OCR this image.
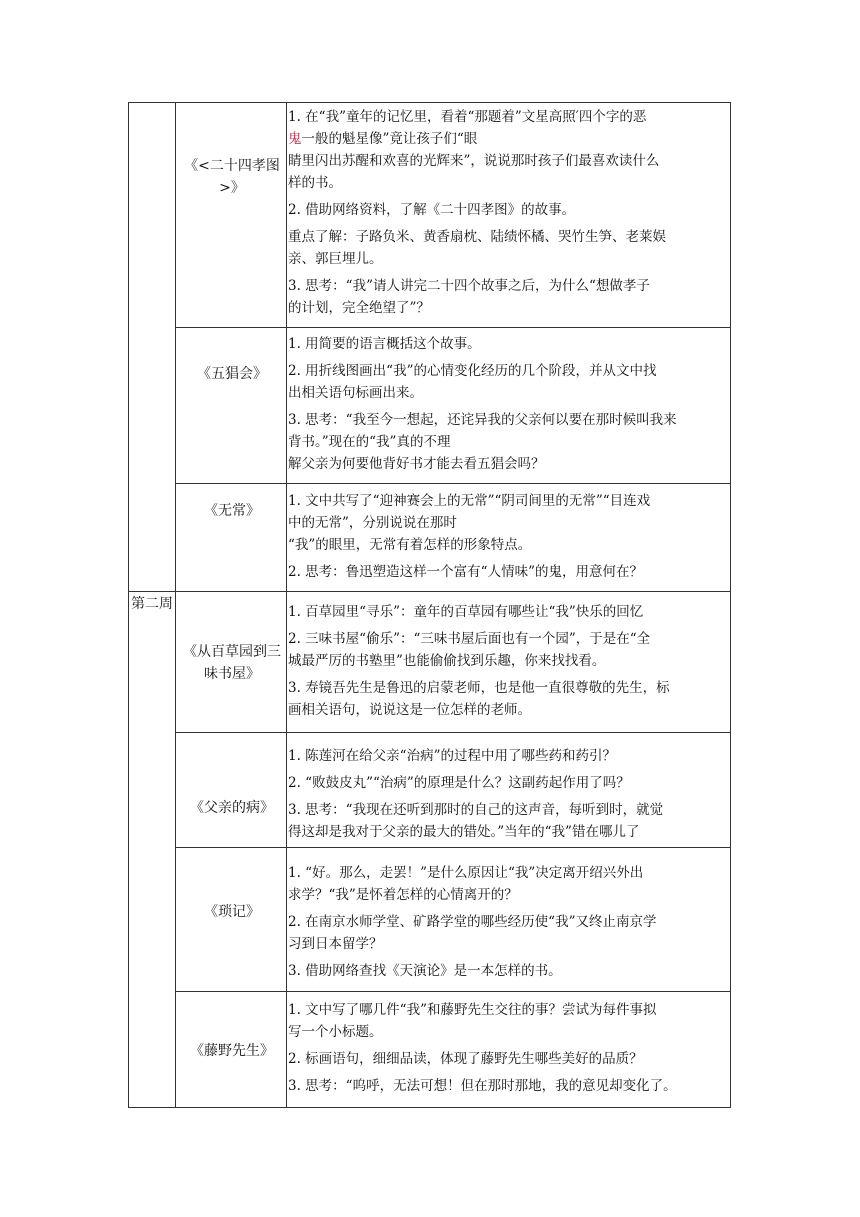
第二周
《<二十四孝图
>》
1. 在“我”童年的记忆里，看着“那题着”文星高照′四个字的恶
鬼一般的魁星像”竟让孩子们“眼
睛里闪出苏醒和欢喜的光辉来”，说说那时孩子们最喜欢读什么
样的书。
2. 借助网络资料，了解《二十四孝图》的故事。
重点了解：子路负米、黄香扇枕、陆绩怀橘、哭竹生笋、老莱娱
亲、郭巨埋儿。
3. 思考：“我”请人讲完二十四个故事之后，为什么“想做孝子
的计划，完全绝望了”？
《五猖会》
1. 用简要的语言概括这个故事。
2. 用折线图画出“我”的心情变化经历的几个阶段，并从文中找
出相关语句标画出来。
3. 思考：“我至今一想起，还诧异我的父亲何以要在那时候叫我来
背书。”现在的“我”真的不理
解父亲为何要他背好书才能去看五猖会吗？
《无常》
1. 文中共写了“迎神赛会上的无常”“阴司间里的无常”“目连戏
中的无常”，分别说说在那时
“我”的眼里，无常有着怎样的形象特点。
2. 思考：鲁迅塑造这样一个富有“人情味”的鬼，用意何在？
《从百草园到三
味书屋》
1. 百草园里“寻乐”：童年的百草园有哪些让“我”快乐的回忆
2. 三味书屋“偷乐”：“三味书屋后面也有一个园”，于是在“全
城最严厉的书塾里”也能偷偷找到乐趣，你来找找看。
3. 寿镜吾先生是鲁迅的启蒙老师，也是他一直很尊敬的先生，标
画相关语句，说说这是一位怎样的老师。
《父亲的病》
1. 陈莲河在给父亲“治病”的过程中用了哪些药和药引？
2. “败鼓皮丸”“治病”的原理是什么？这副药起作用了吗？
3. 思考：“我现在还听到那时的自己的这声音，每听到时，就觉
得这却是我对于父亲的最大的错处。”当年的“我”错在哪儿了
《琐记》
1. “好。那么，走罢！”是什么原因让“我”决定离开绍兴外出
求学？“我”是怀着怎样的心情离开的？
2. 在南京水师学堂、矿路学堂的哪些经历使“我”又终止南京学
习到日本留学？
3. 借助网络查找《天演论》是一本怎样的书。
《藤野先生》
1. 文中写了哪几件“我”和藤野先生交往的事？尝试为每件事拟
写一个小标题。
2. 标画语句，细细品读，体现了藤野先生哪些美好的品质？
3. 思考：“呜呼，无法可想！但在那时那地，我的意见却变化了。
